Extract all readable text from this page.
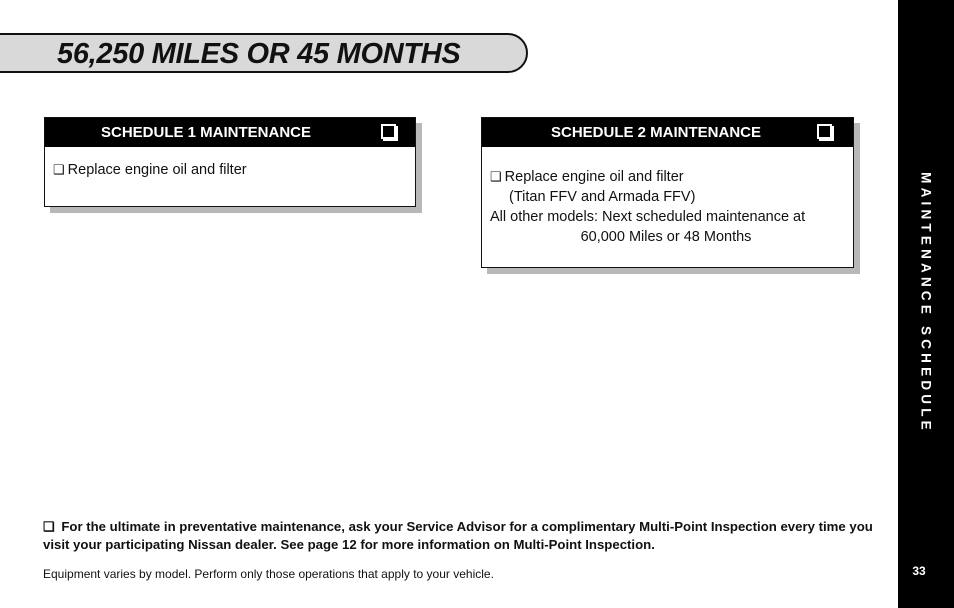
56,250 MILES OR 45 MONTHS
MAINTENANCE SCHEDULE
33
SCHEDULE 1 MAINTENANCE
❑ Replace engine oil and filter
SCHEDULE 2 MAINTENANCE
❑ Replace engine oil and filter
(Titan FFV and Armada FFV)
All other models: Next scheduled maintenance at
60,000 Miles or 48 Months
❑ For the ultimate in preventative maintenance, ask your Service Advisor for a complimentary Multi-Point Inspection every time you visit your participating Nissan dealer. See page 12 for more information on Multi-Point Inspection.
Equipment varies by model. Perform only those operations that apply to your vehicle.
